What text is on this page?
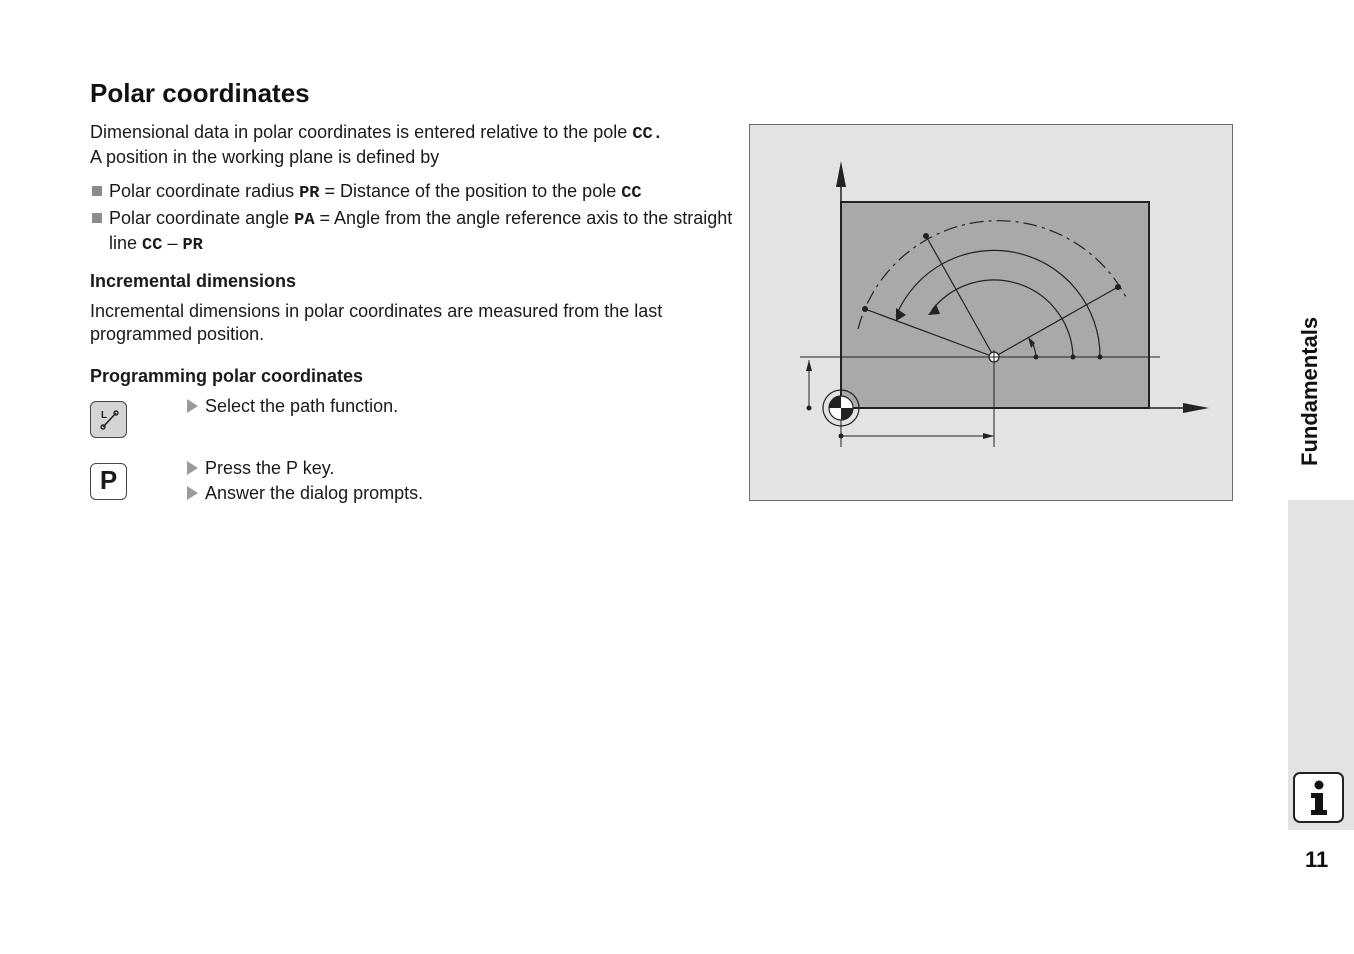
Polar coordinates

Dimensional data in polar coordinates is entered relative to the pole CC.
A position in the working plane is defined by

Polar coordinate radius PR = Distance of the position to the pole CC
Polar coordinate angle PA = Angle from the angle reference axis to the straight line CC – PR
Incremental dimensions

Incremental dimensions in polar coordinates are measured from the last programmed position.

Programming polar coordinates
L
P
Select the path function.
Press the P key.
Answer the dialog prompts.
Fundamentals
11
